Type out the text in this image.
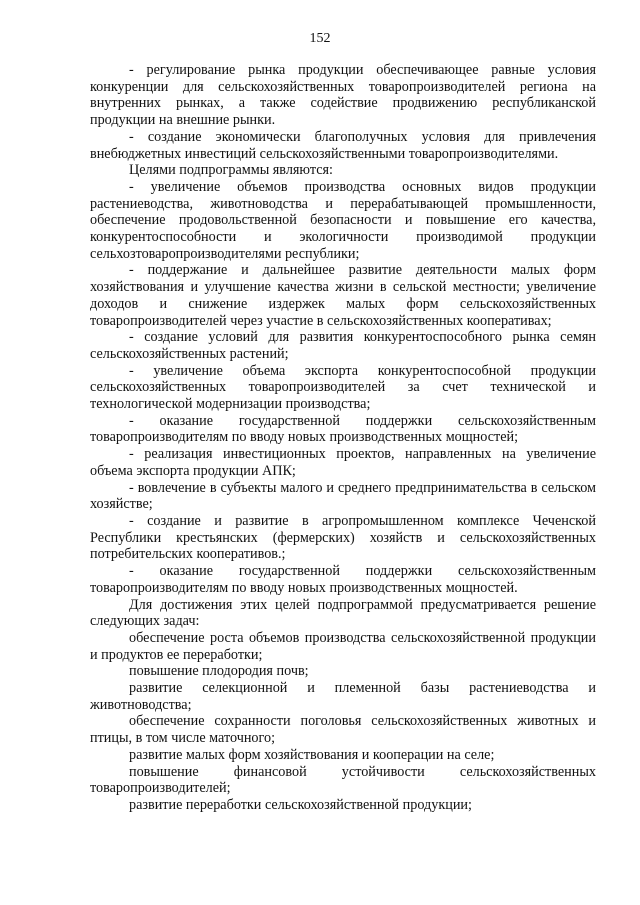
152

- регулирование рынка продукции обеспечивающее равные условия конкуренции для сельскохозяйственных товаропроизводителей региона на внутренних рынках, а также содействие продвижению республиканской продукции на внешние рынки.

- создание экономически благополучных условия для привлечения внебюджетных инвестиций сельскохозяйственными товаропроизводителями.

Целями подпрограммы являются:

- увеличение объемов производства основных видов продукции растениеводства, животноводства и перерабатывающей промышленности, обеспечение продовольственной безопасности и повышение его качества, конкурентоспособности и экологичности производимой продукции сельхозтоваропроизводителями республики;

- поддержание и дальнейшее развитие деятельности малых форм хозяйствования и улучшение качества жизни в сельской местности; увеличение доходов и снижение издержек малых форм сельскохозяйственных товаропроизводителей через участие в сельскохозяйственных кооперативах;

- создание условий для развития конкурентоспособного рынка семян сельскохозяйственных растений;

- увеличение объема экспорта конкурентоспособной продукции сельскохозяйственных товаропроизводителей за счет технической и технологической модернизации производства;

- оказание государственной поддержки сельскохозяйственным товаропроизводителям по вводу новых производственных мощностей;

- реализация инвестиционных проектов, направленных на увеличение объема экспорта продукции АПК;

- вовлечение в субъекты малого и среднего предпринимательства в сельском хозяйстве;

- создание и развитие в агропромышленном комплексе Чеченской Республики крестьянских (фермерских) хозяйств и сельскохозяйственных потребительских кооперативов.;

- оказание государственной поддержки сельскохозяйственным товаропроизводителям по вводу новых производственных мощностей.

Для достижения этих целей подпрограммой предусматривается решение следующих задач:

обеспечение роста объемов производства сельскохозяйственной продукции и продуктов ее переработки;

повышение плодородия почв;

развитие селекционной и племенной базы растениеводства и животноводства;

обеспечение сохранности поголовья сельскохозяйственных животных и птицы, в том числе маточного;

развитие малых форм хозяйствования и кооперации на селе;

повышение финансовой устойчивости сельскохозяйственных товаропроизводителей;

развитие переработки сельскохозяйственной продукции;
